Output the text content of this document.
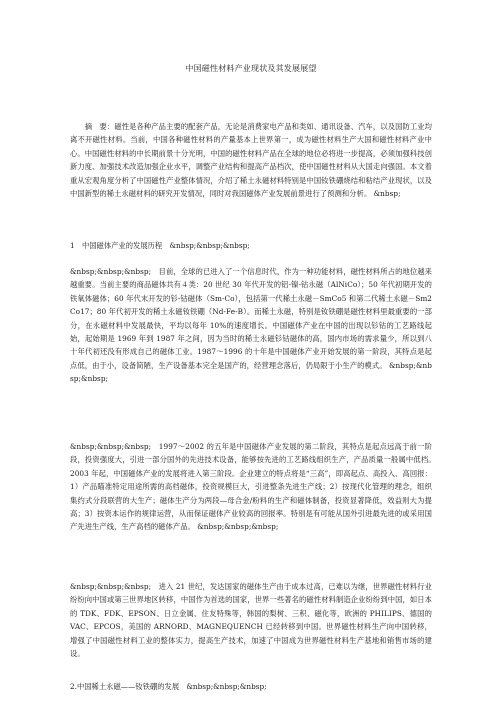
中国磁性材料产业现状及其发展展望
　　摘　要：磁性是各种产品主要的配套产品，无论是消费家电产品和类如、通讯设备、汽车，以及国防工业均离不开磁性材料。当前，中国各种磁性材料的产量基本上世界第一，成为磁性材料生产大国和磁性材料产业中心。中国磁性材料的中长期前景十分光明，中国的磁性材料产品在全球的地位必将进一步提高，必须加强科技创新力度、加强技术改造加强企业水平，调整产业结构和提高产品档次，使中国磁性材料从大国走向强国。本文着重从宏观角度分析了中国磁性产业整体情况，介绍了稀土永磁材料特别是中国钕铁硼烧结和粘结产业现状，以及中国新型的稀土永磁材料的研究开发情况，同时对我国磁体产业发展前景进行了预测和分析。 &nbsp;
1　中国磁体产业的发展历程　&nbsp;&nbsp;&nbsp;
&nbsp;&nbsp;&nbsp;　目前，全球的已进入了一个信息时代，作为一种功能材料，磁性材料所占的地位越来越重要。当前主要的商品磁体共有４类：20 世纪 30 年代开发的铝-镍-钴永磁（AlNiCo）；50 年代初期开发的铁氧体磁体；60 年代末开发的钐-钴磁体（Sm-Co），包括第一代稀土永磁－SmCo5 和第二代稀土永磁－Sm2Co17；80 年代初开发的稀土永磁钕铁硼（Nd-Fe-B）。而稀土永磁，特别是钕铁硼是磁性材料里最重要的一部分，在永磁材料中发展最快，平均以每年 10%的速度增长。中国磁体产业在中国的出现以钐钴的工艺路线起始，起始期是 1969 年到 1987 年之间，因为当时的稀土永磁钐钴磁体的高，国内市场的需求量少，所以到八十年代初还没有形成自己的磁体工业。1987～1996 的十年是中国磁体产业开始发展的第一阶段，其特点是起点低，由于小，设备简陋，生产设备基本完全是国产的，经营理念落后，仍局限于小生产的模式。 &nbsp;&nbsp;&nbsp;
&nbsp;&nbsp;&nbsp;　1997～2002 的五年是中国磁体产业发展的第二阶段，其特点是起点远高于前一阶段，投资强度大，引进一部分国外的先进技术设备，能够按先进的工艺路线组织生产，产品质量一般属中低档。　2003 年起，中国磁体产业的发展将进入第三阶段。企业建立的特点将是“三高”，即高起点、高投入、高回报：1）产品瞄准特定用途所需的高档磁体，投资规模巨大，引进整条先进生产线；2）按现代化管理的理念，组织集约式分段联营的大生产；磁体生产分为两段—母合金/粉料的生产和磁体制备，投资显著降低，效益则大为提高；3）按资本运作的规律运营，从而保证磁体产业较高的回报率。特别是有可能从国外引进最先进的或采用国产先进生产线，生产高档的磁体产品。 &nbsp;&nbsp;&nbsp;
&nbsp;&nbsp;&nbsp;　进入 21 世纪，发达国家的磁体生产由于成本过高，已难以为继，世界磁性材料行业纷纷向中国或第三世界地区转移，中国作为首选的国家，世界一些著名的磁性材料制造企业纷纷到中国，如日本的 TDK、FDK、EPSON、日立金属、住友特殊等，韩国的梨树、三积、磁化等，欧洲的 PHILIPS、德国的 VAC、EPCOS，美国的 ARNORD、MAGNEQUENCH 已经转移到中国。世界磁性材料生产向中国转移，增强了中国磁性材料工业的整体实力，提高生产技术，加速了中国成为世界磁性材料生产基地和销售市场的建设。
2.中国稀土永磁——钕铁硼的发展　&nbsp;&nbsp;&nbsp;
